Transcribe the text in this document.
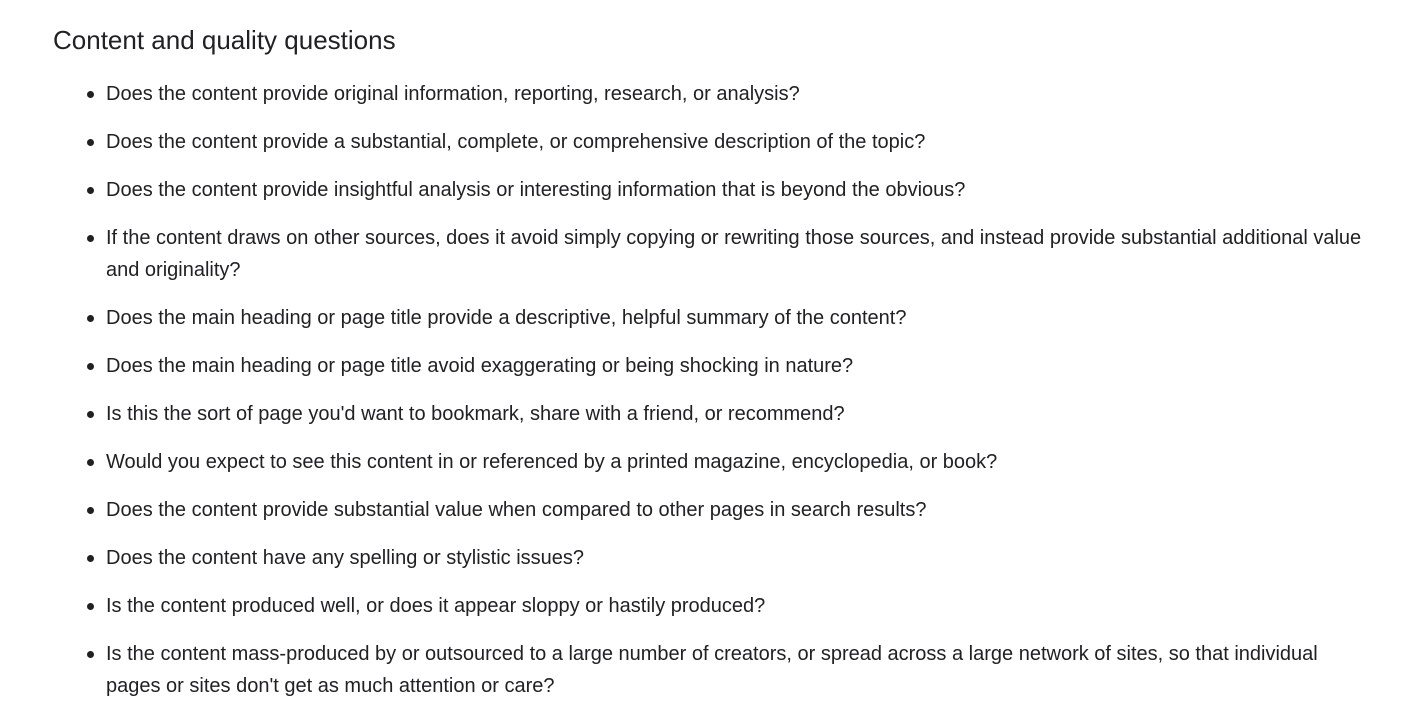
Content and quality questions
Does the content provide original information, reporting, research, or analysis?
Does the content provide a substantial, complete, or comprehensive description of the topic?
Does the content provide insightful analysis or interesting information that is beyond the obvious?
If the content draws on other sources, does it avoid simply copying or rewriting those sources, and instead provide substantial additional value and originality?
Does the main heading or page title provide a descriptive, helpful summary of the content?
Does the main heading or page title avoid exaggerating or being shocking in nature?
Is this the sort of page you'd want to bookmark, share with a friend, or recommend?
Would you expect to see this content in or referenced by a printed magazine, encyclopedia, or book?
Does the content provide substantial value when compared to other pages in search results?
Does the content have any spelling or stylistic issues?
Is the content produced well, or does it appear sloppy or hastily produced?
Is the content mass-produced by or outsourced to a large number of creators, or spread across a large network of sites, so that individual pages or sites don't get as much attention or care?
